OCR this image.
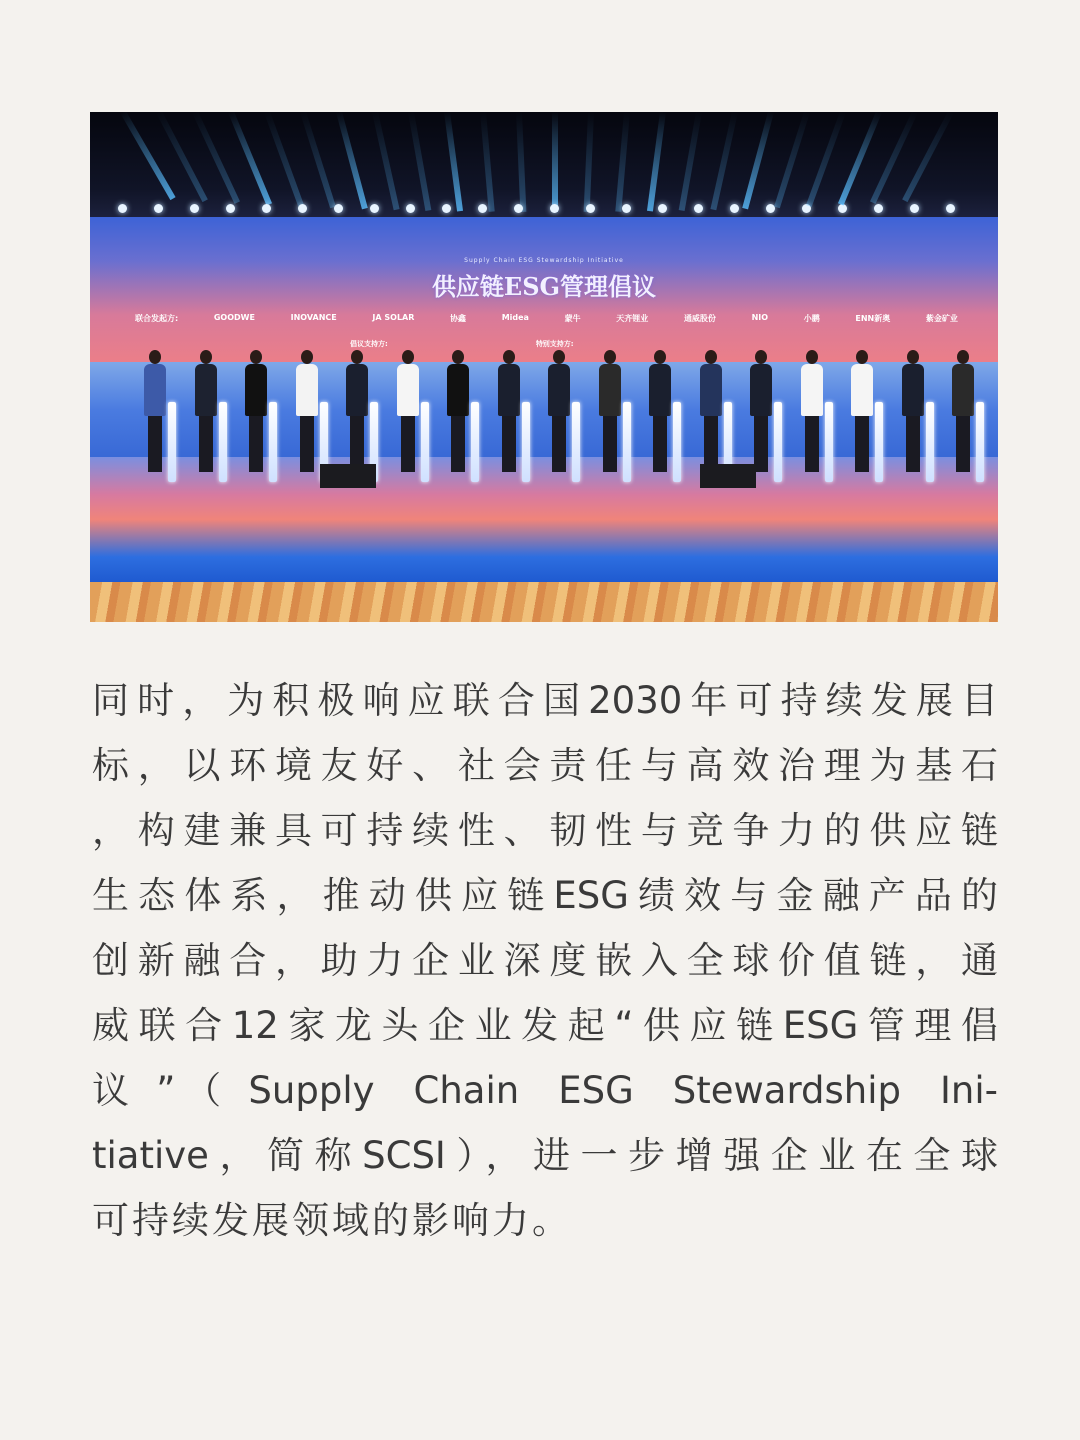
Supply Chain ESG Stewardship Initiative
供应链ESG管理倡议
联合发起方:	GOODWE	INOVANCE	JA SOLAR	协鑫	Midea	蒙牛	天齐锂业	通威股份	NIO	小鹏	ENN新奥	紫金矿业
倡议支持方:	特别支持方:
同时，为积极响应联合国2030年可持续发展目
标，以环境友好、社会责任与高效治理为基石
，构建兼具可持续性、韧性与竞争力的供应链
生态体系，推动供应链ESG绩效与金融产品的
创新融合，助力企业深度嵌入全球价值链，通
威联合12家龙头企业发起“供应链ESG管理倡
议”（Supply Chain ESG Stewardship Ini-
tiative，简称SCSI），进一步增强企业在全球
可持续发展领域的影响力。
